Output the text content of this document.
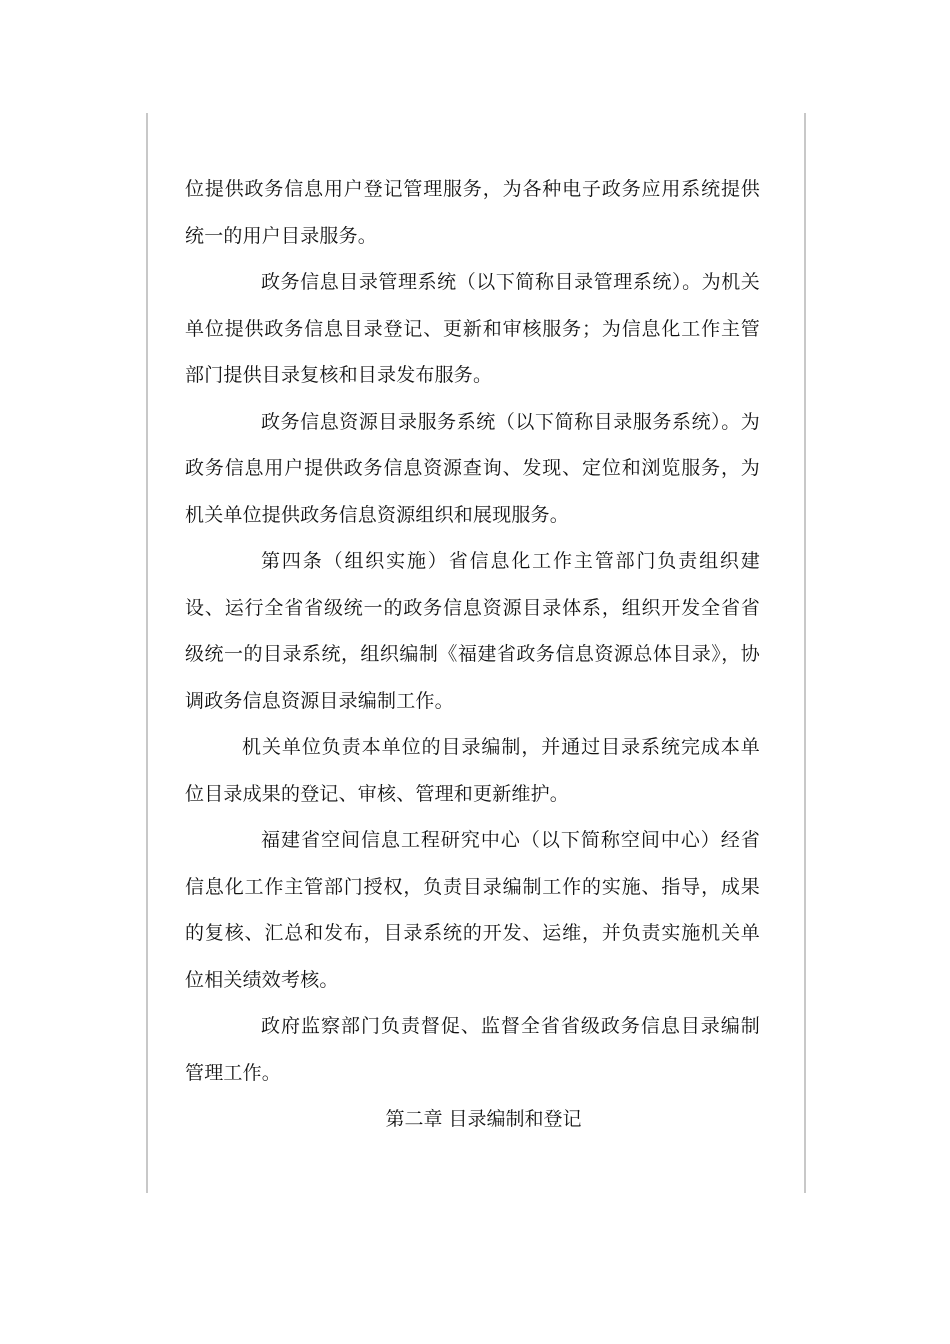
位提供政务信息用户登记管理服务，为各种电子政务应用系统提供统一的用户目录服务。

政务信息目录管理系统（以下简称目录管理系统）。为机关单位提供政务信息目录登记、更新和审核服务；为信息化工作主管部门提供目录复核和目录发布服务。

政务信息资源目录服务系统（以下简称目录服务系统）。为政务信息用户提供政务信息资源查询、发现、定位和浏览服务，为机关单位提供政务信息资源组织和展现服务。

第四条（组织实施）省信息化工作主管部门负责组织建设、运行全省省级统一的政务信息资源目录体系，组织开发全省省级统一的目录系统，组织编制《福建省政务信息资源总体目录》，协调政务信息资源目录编制工作。

机关单位负责本单位的目录编制，并通过目录系统完成本单位目录成果的登记、审核、管理和更新维护。

福建省空间信息工程研究中心（以下简称空间中心）经省信息化工作主管部门授权，负责目录编制工作的实施、指导，成果的复核、汇总和发布，目录系统的开发、运维，并负责实施机关单位相关绩效考核。

政府监察部门负责督促、监督全省省级政务信息目录编制管理工作。

第二章 目录编制和登记
